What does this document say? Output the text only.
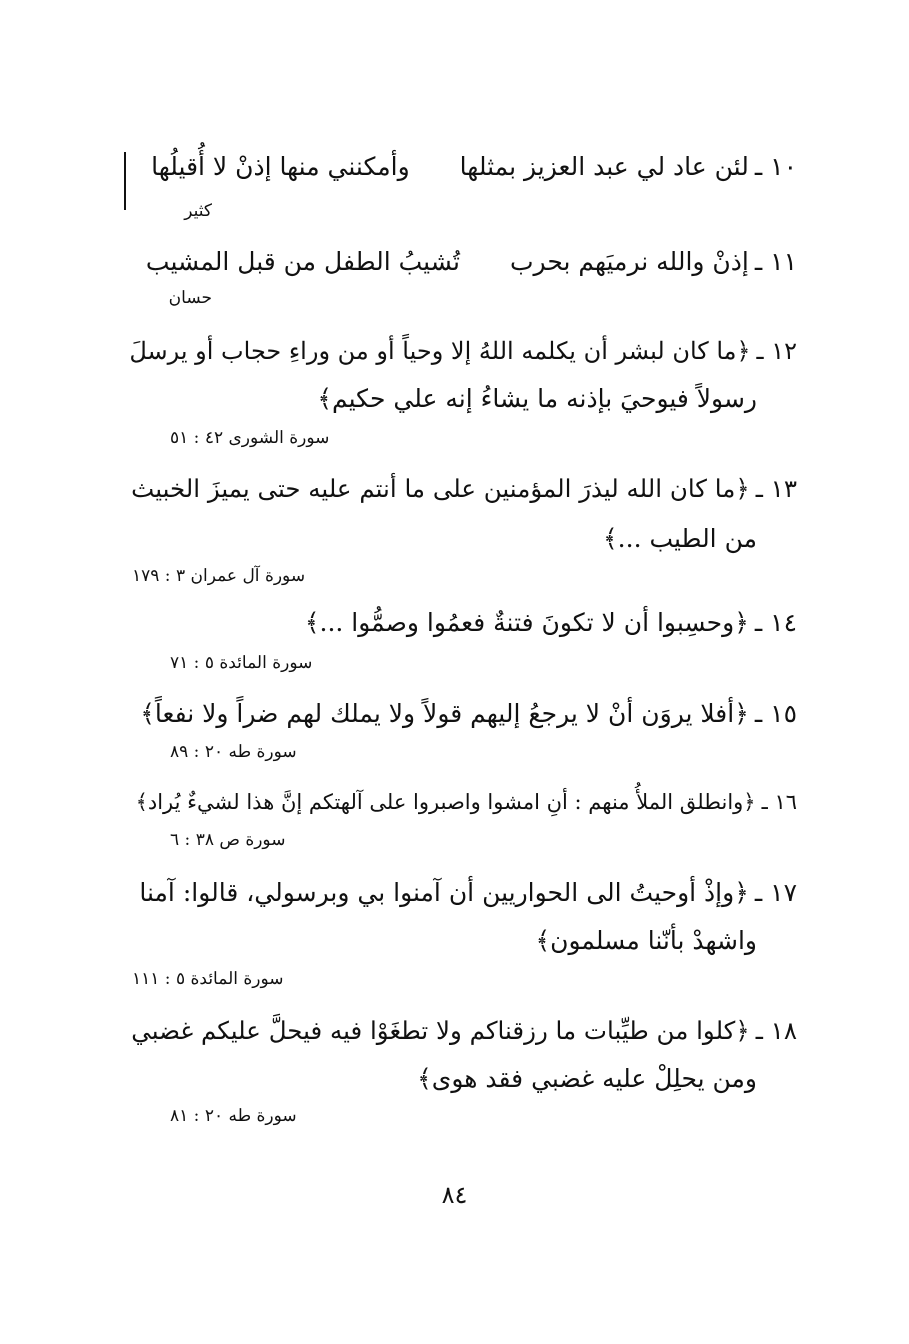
١٠ ـلئن عاد لي عبد العزيز بمثلهاوأمكنني منها إذنْ لا أُقيلُها
كثير
١١ ـإذنْ والله نرميَهم بحربتُشيبُ الطفل من قبل المشيب
حسان
١٢ ـ﴿ما كان لبشر أن يكلمه اللهُ إلا وحياً أو من وراءِ حجاب أو يرسلَ
رسولاً فيوحيَ بإذنه ما يشاءُ إنه علي حكيم﴾
سورة الشورى ٤٢ : ٥١
١٣ ـ﴿ما كان الله ليذرَ المؤمنين على ما أنتم عليه حتى يميزَ الخبيث
من الطيب ...﴾
سورة آل عمران ٣ : ١٧٩
١٤ ـ﴿وحسِبوا أن لا تكونَ فتنةٌ فعمُوا وصمُّوا ...﴾
سورة المائدة ٥ : ٧١
١٥ ـ﴿أفلا يروَن أنْ لا يرجعُ إليهم قولاً ولا يملك لهم ضراً ولا نفعاً﴾
سورة طه ٢٠ : ٨٩
١٦ ـ﴿وانطلق الملأُ منهم : أنِ امشوا واصبروا على آلهتكم إنَّ هذا لشيءٌ يُراد﴾
سورة ص ٣٨ : ٦
١٧ ـ﴿وإذْ أوحيتُ الى الحواريين أن آمنوا بي وبرسولي، قالوا: آمنا
واشهدْ بأنّنا مسلمون﴾
سورة المائدة ٥ : ١١١
١٨ ـ﴿كلوا من طيِّبات ما رزقناكم ولا تطغَوْا فيه فيحلَّ عليكم غضبي
ومن يحلِلْ عليه غضبي فقد هوى﴾
سورة طه ٢٠ : ٨١
٨٤
